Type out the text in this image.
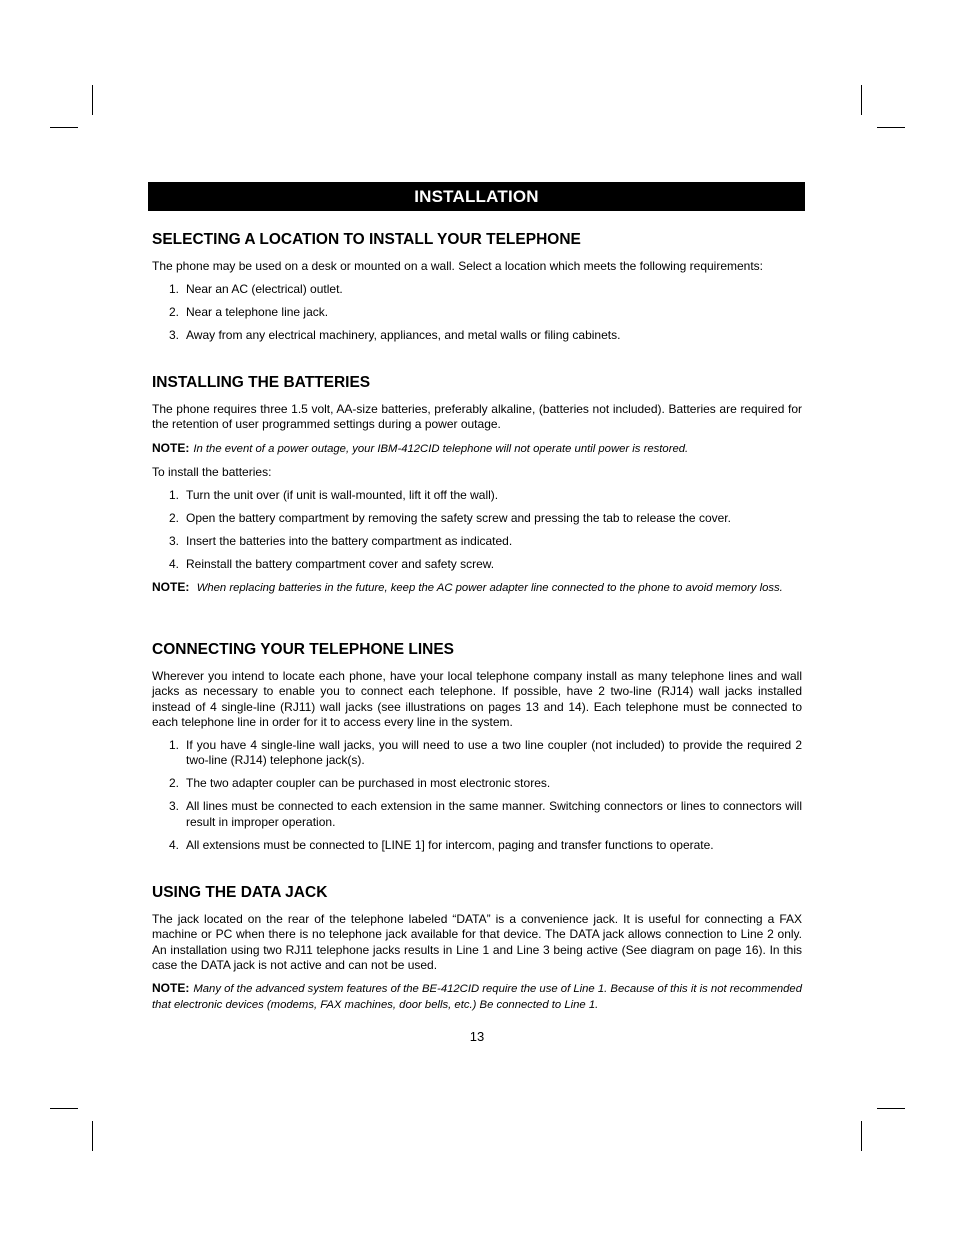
INSTALLATION
SELECTING A LOCATION TO INSTALL YOUR TELEPHONE

The phone may be used on a desk or mounted on a wall. Select a location which meets the following requirements:

1. Near an AC (electrical) outlet.
2. Near a telephone line jack.
3. Away from any electrical machinery, appliances, and metal walls or filing cabinets.
INSTALLING THE BATTERIES

The phone requires three 1.5 volt, AA-size batteries, preferably alkaline, (batteries not included). Batteries are required for the retention of user programmed settings during a power outage.

NOTE: In the event of a power outage, your IBM-412CID telephone will not operate until power is restored.

To install the batteries:

1. Turn the unit over (if unit is wall-mounted, lift it off the wall).
2. Open the battery compartment by removing the safety screw and pressing the tab to release the cover.
3. Insert the batteries into the battery compartment as indicated.
4. Reinstall the battery compartment cover and safety screw.
NOTE: When replacing batteries in the future, keep the AC power adapter line connected to the phone to avoid memory loss.
CONNECTING YOUR TELEPHONE LINES

Wherever you intend to locate each phone, have your local telephone company install as many telephone lines and wall jacks as necessary to enable you to connect each telephone. If possible, have 2 two-line (RJ14) wall jacks installed instead of 4 single-line (RJ11) wall jacks (see illustrations on pages 13 and 14). Each telephone must be connected to each telephone line in order for it to access every line in the system.

1. If you have 4 single-line wall jacks, you will need to use a two line coupler (not included) to provide the required 2 two-line (RJ14) telephone jack(s).
2. The two adapter coupler can be purchased in most electronic stores.
3. All lines must be connected to each extension in the same manner. Switching connectors or lines to connectors will result in improper operation.
4. All extensions must be connected to [LINE 1] for intercom, paging and transfer functions to operate.
USING THE DATA JACK

The jack located on the rear of the telephone labeled “DATA” is a convenience jack. It is useful for connecting a FAX machine or PC when there is no telephone jack available for that device. The DATA jack allows connection to Line 2 only. An installation using two RJ11 telephone jacks results in Line 1 and Line 3 being active (See diagram on page 16). In this case the DATA jack is not active and can not be used.

NOTE: Many of the advanced system features of the BE-412CID require the use of Line 1. Because of this it is not recommended that electronic devices (modems, FAX machines, door bells, etc.) Be connected to Line 1.
13
